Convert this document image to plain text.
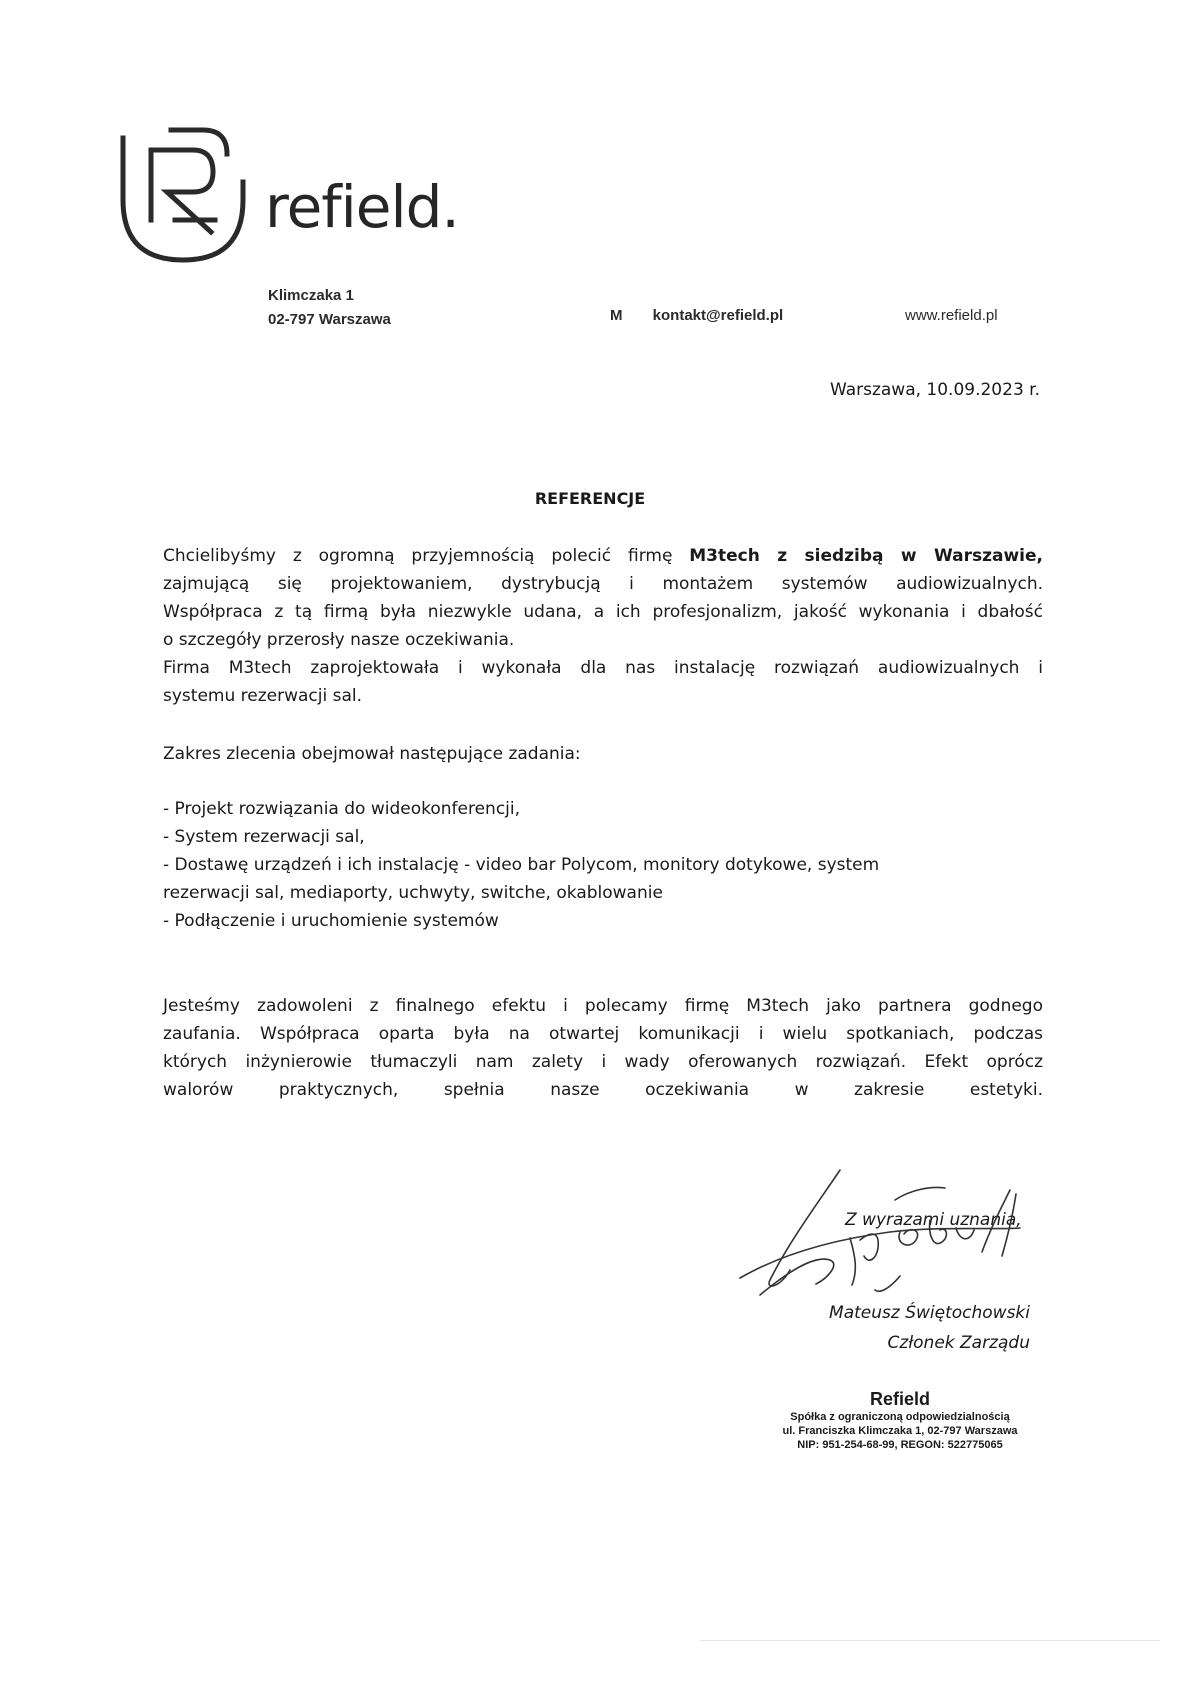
refield.
Klimczaka 1
02-797 Warszawa	M kontakt@refield.pl	www.refield.pl
Warszawa, 10.09.2023 r.
REFERENCJE
Chcielibyśmy z ogromną przyjemnością polecić firmę M3tech z siedzibą w Warszawie,
zajmującą się projektowaniem, dystrybucją i montażem systemów audiowizualnych.
Współpraca z tą firmą była niezwykle udana, a ich profesjonalizm, jakość wykonania i dbałość
o szczegóły przerosły nasze oczekiwania.
Firma M3tech zaprojektowała i wykonała dla nas instalację rozwiązań audiowizualnych i
systemu rezerwacji sal.
Zakres zlecenia obejmował następujące zadania:
- Projekt rozwiązania do wideokonferencji,
- System rezerwacji sal,
- Dostawę urządzeń i ich instalację - video bar Polycom, monitory dotykowe, system
rezerwacji sal, mediaporty, uchwyty, switche, okablowanie
- Podłączenie i uruchomienie systemów
Jesteśmy zadowoleni z finalnego efektu i polecamy firmę M3tech jako partnera godnego
zaufania. Współpraca oparta była na otwartej komunikacji i wielu spotkaniach, podczas
których inżynierowie tłumaczyli nam zalety i wady oferowanych rozwiązań. Efekt oprócz
walorów praktycznych, spełnia nasze oczekiwania w zakresie estetyki.
Z wyrazami uznania,
Mateusz Świętochowski
Członek Zarządu
Refield
Spółka z ograniczoną odpowiedzialnością
ul. Franciszka Klimczaka 1, 02-797 Warszawa
NIP: 951-254-68-99, REGON: 522775065
